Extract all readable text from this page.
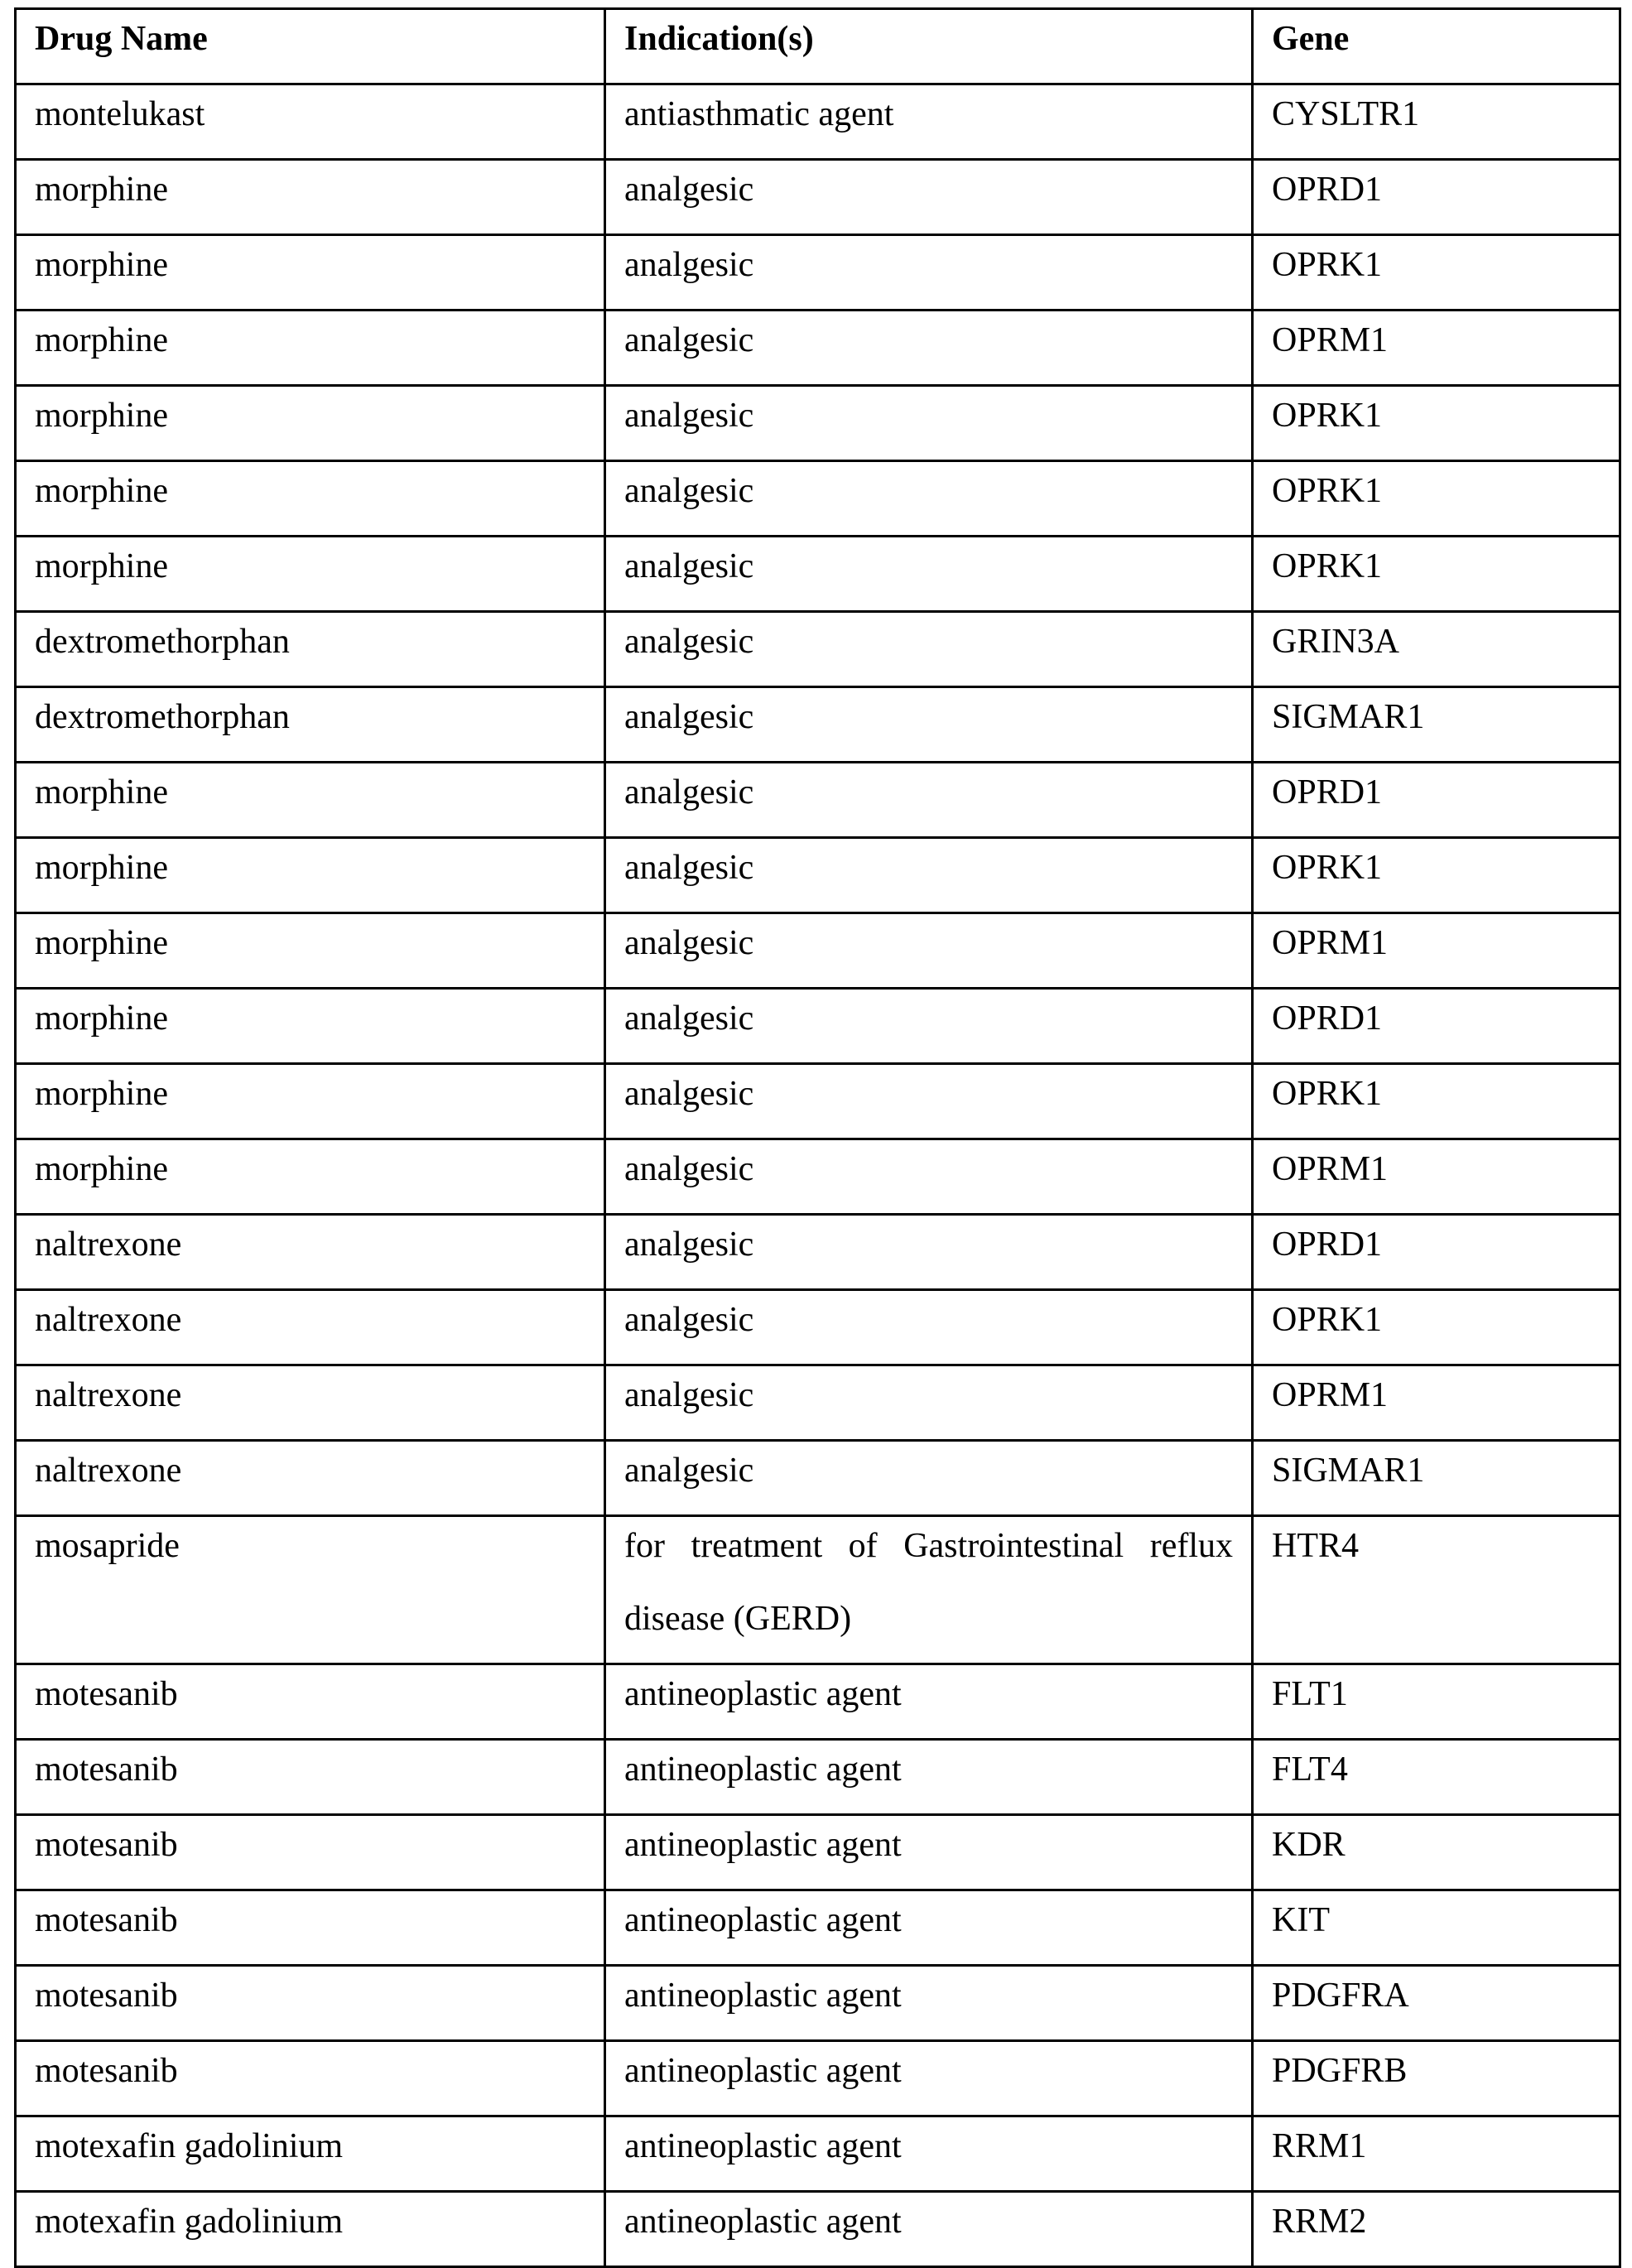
Drug Name	Indication(s)	Gene

montelukast	antiasthmatic agent	CYSLTR1

morphine	analgesic	OPRD1

morphine	analgesic	OPRK1

morphine	analgesic	OPRM1

morphine	analgesic	OPRK1

morphine	analgesic	OPRK1

morphine	analgesic	OPRK1

dextromethorphan	analgesic	GRIN3A

dextromethorphan	analgesic	SIGMAR1

morphine	analgesic	OPRD1

morphine	analgesic	OPRK1

morphine	analgesic	OPRM1

morphine	analgesic	OPRD1

morphine	analgesic	OPRK1

morphine	analgesic	OPRM1

naltrexone	analgesic	OPRD1

naltrexone	analgesic	OPRK1

naltrexone	analgesic	OPRM1

naltrexone	analgesic	SIGMAR1

mosapride	for treatment of Gastrointestinal reflux disease (GERD)

HTR4

motesanib	antineoplastic agent	FLT1

motesanib	antineoplastic agent	FLT4

motesanib	antineoplastic agent	KDR

motesanib	antineoplastic agent	KIT

motesanib	antineoplastic agent	PDGFRA

motesanib	antineoplastic agent	PDGFRB

motexafin gadolinium	antineoplastic agent	RRM1

motexafin gadolinium	antineoplastic agent	RRM2
